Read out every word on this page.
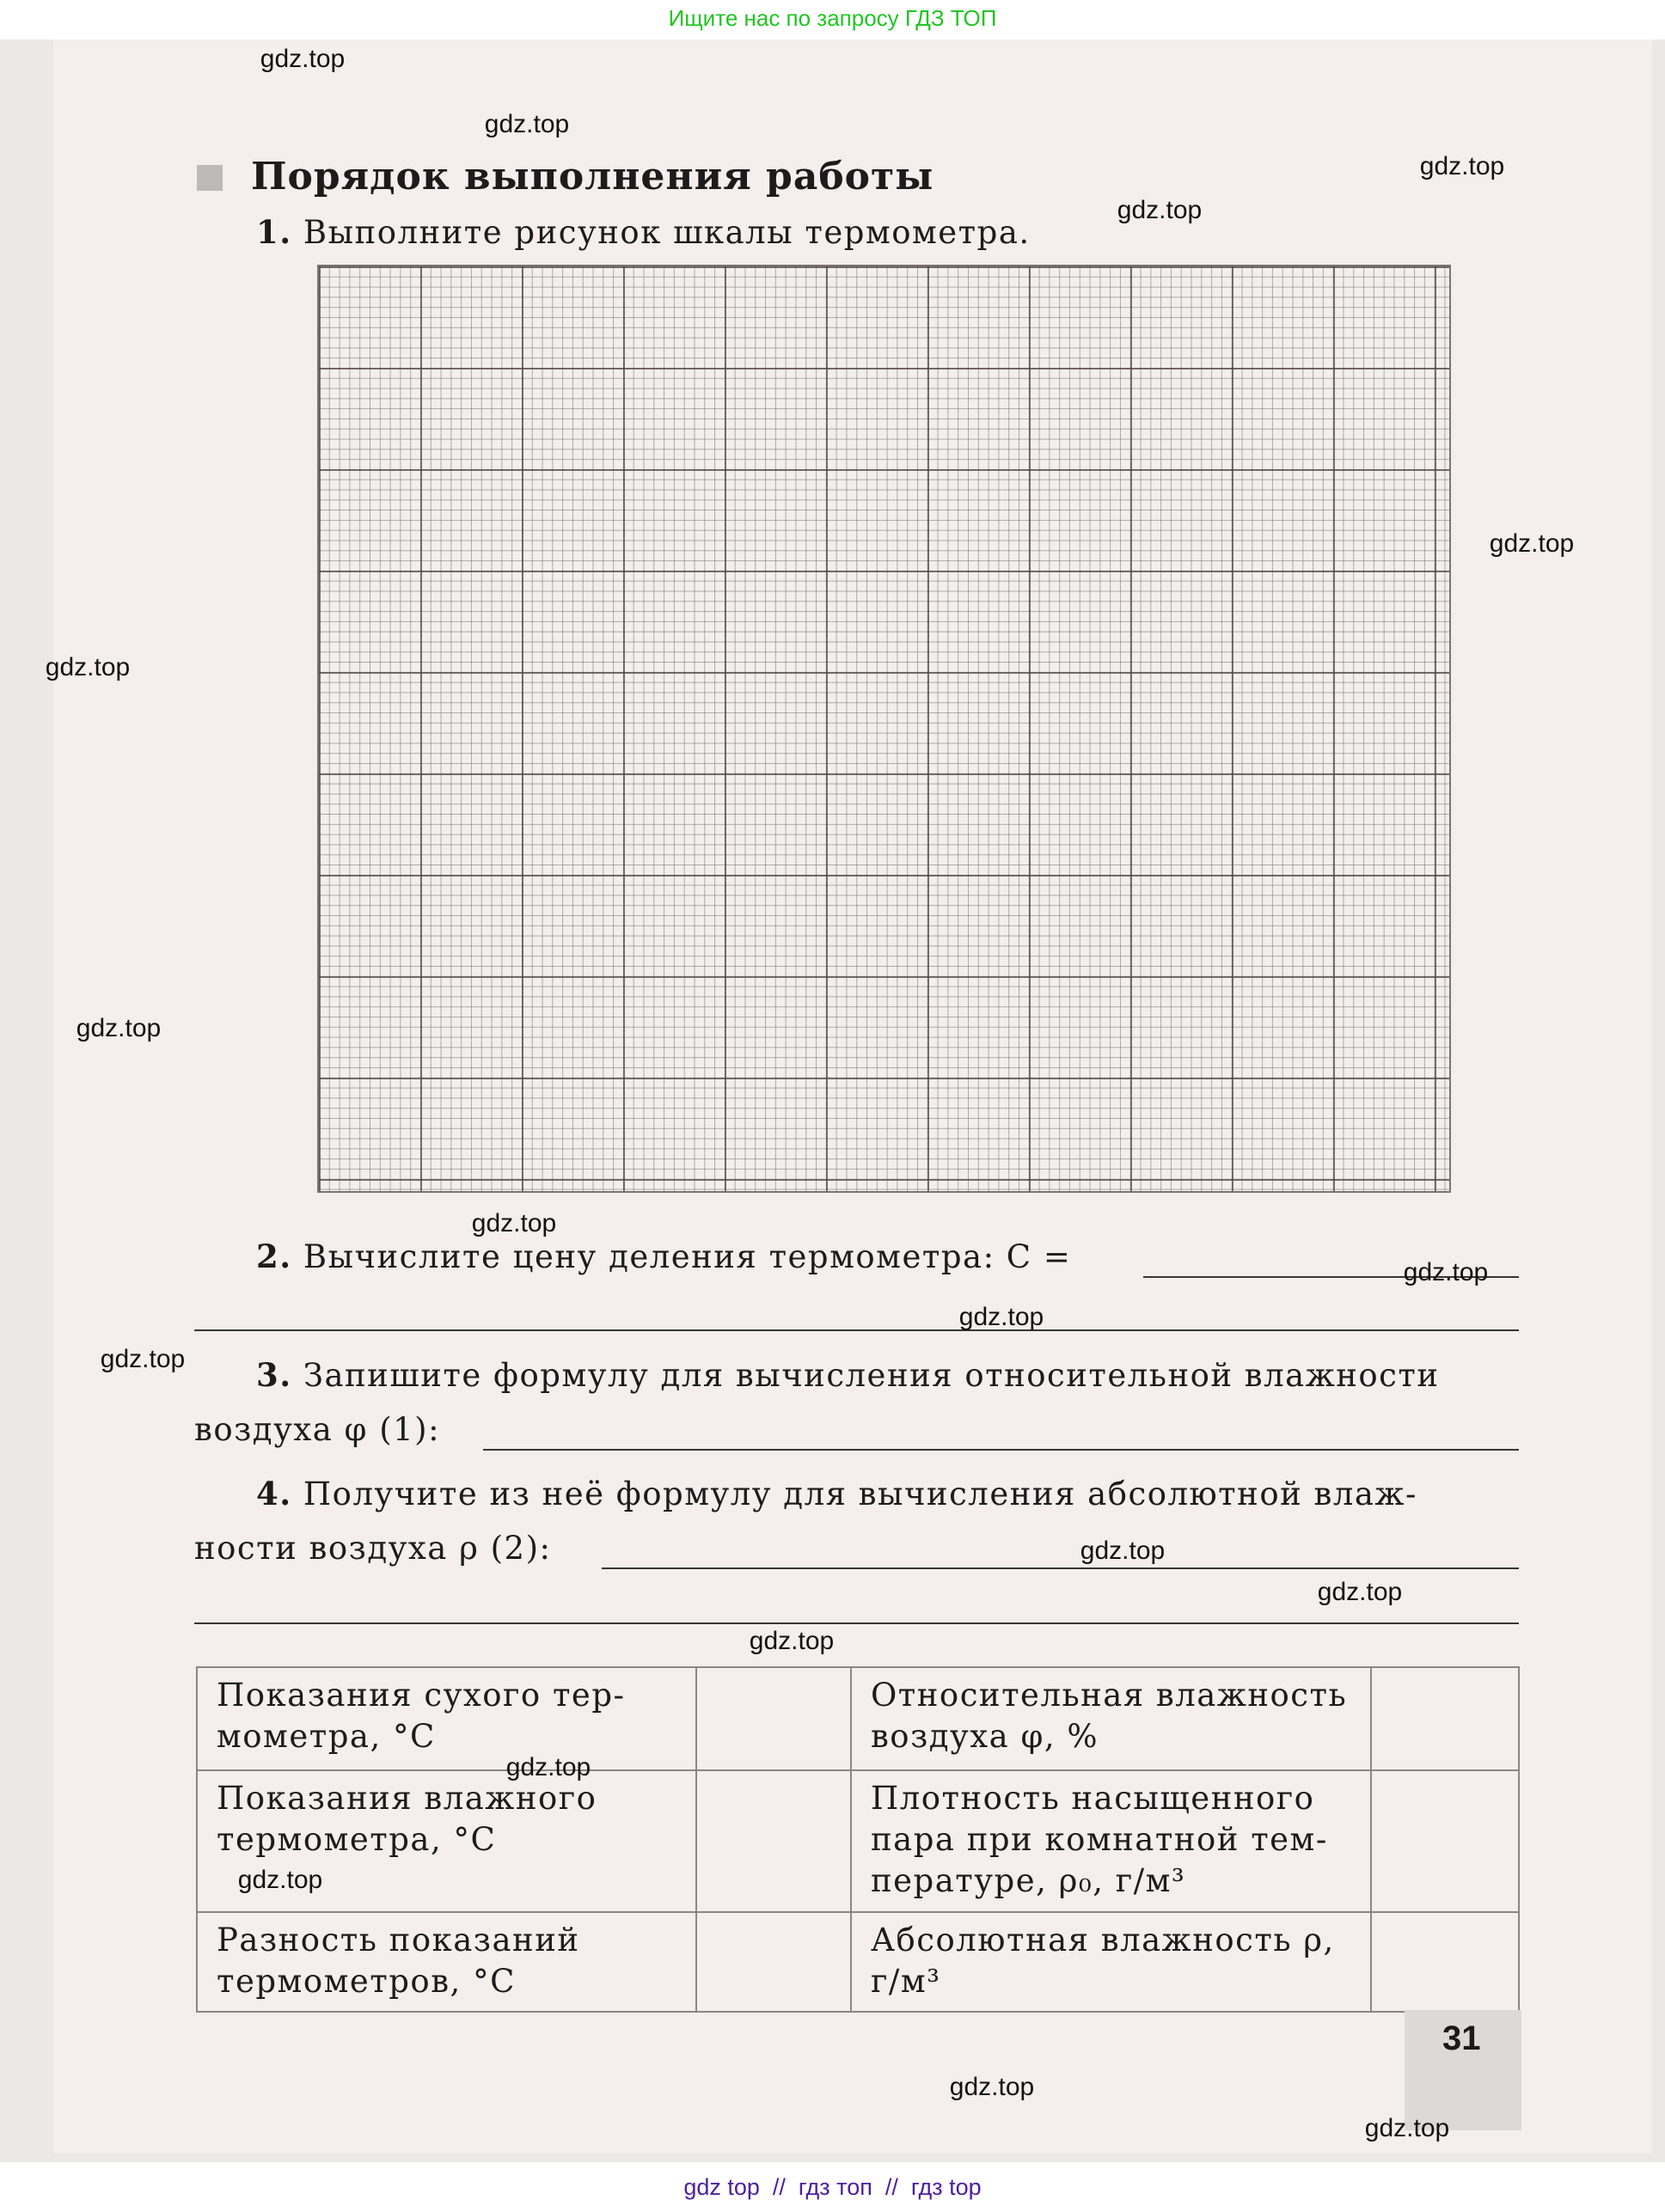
Ищите нас по запросу ГДЗ ТОП
Порядок выполнения работы
1. Выполните рисунок шкалы термометра.
2. Вычислите цену деления термометра: C =
3. Запишите формулу для вычисления относительной влажности
воздуха φ (1):
4. Получите из неё формулу для вычисления абсолютной влаж-
ности воздуха ρ (2):
Показания сухого тер-
мометра, °C		Относительная влажность
воздуха φ, %	
Показания влажного
термометра, °C		Плотность насыщенного
пара при комнатной тем-
пературе, ρ₀, г/м³	
Разность показаний
термометров, °C		Абсолютная влажность ρ,
г/м³	
31
gdz.top
gdz.top
gdz.top
gdz.top
gdz.top
gdz.top
gdz.top
gdz.top
gdz.top
gdz.top
gdz.top
gdz.top
gdz.top
gdz.top
gdz.top
gdz.top
gdz.top
gdz.top
gdz top  //  гдз топ  //  гдз top
